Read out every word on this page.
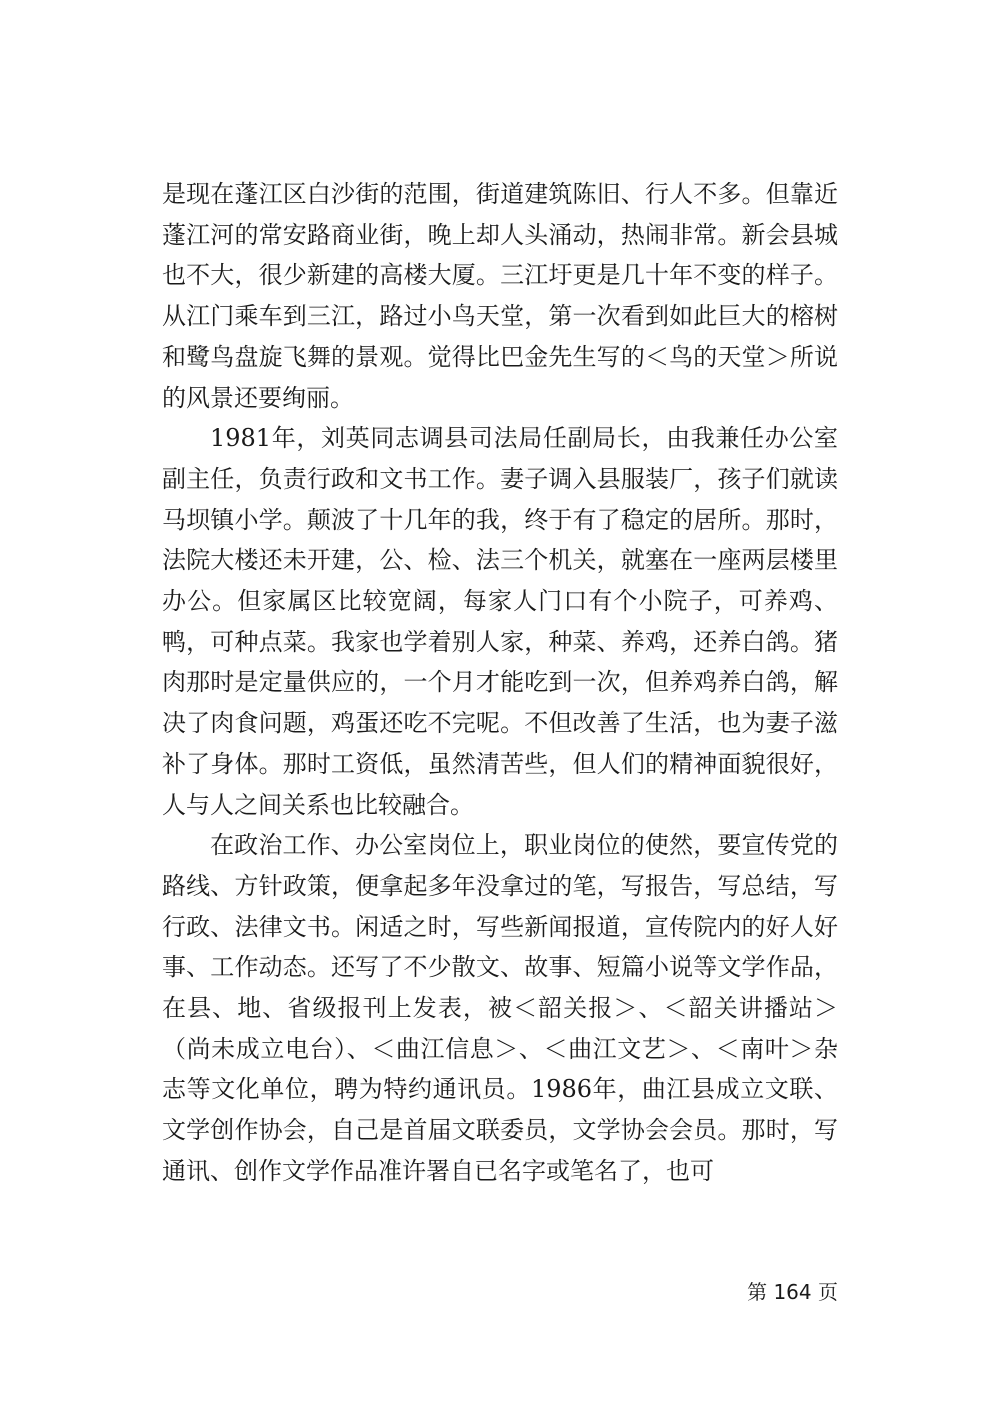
是现在蓬江区白沙街的范围，街道建筑陈旧、行人不多。但靠近蓬江河的常安路商业街，晚上却人头涌动，热闹非常。新会县城也不大，很少新建的高楼大厦。三江圩更是几十年不变的样子。从江门乘车到三江，路过小鸟天堂，第一次看到如此巨大的榕树和鹭鸟盘旋飞舞的景观。觉得比巴金先生写的＜鸟的天堂＞所说的风景还要绚丽。

1981年，刘英同志调县司法局任副局长，由我兼任办公室副主任，负责行政和文书工作。妻子调入县服装厂，孩子们就读马坝镇小学。颠波了十几年的我，终于有了稳定的居所。那时，法院大楼还未开建，公、检、法三个机关，就塞在一座两层楼里办公。但家属区比较宽阔，每家人门口有个小院子，可养鸡、鸭，可种点菜。我家也学着别人家，种菜、养鸡，还养白鸽。猪肉那时是定量供应的，一个月才能吃到一次，但养鸡养白鸽，解决了肉食问题，鸡蛋还吃不完呢。不但改善了生活，也为妻子滋补了身体。那时工资低，虽然清苦些，但人们的精神面貌很好，人与人之间关系也比较融合。

在政治工作、办公室岗位上，职业岗位的使然，要宣传党的路线、方针政策，便拿起多年没拿过的笔，写报告，写总结，写行政、法律文书。闲适之时，写些新闻报道，宣传院内的好人好事、工作动态。还写了不少散文、故事、短篇小说等文学作品，在县、地、省级报刊上发表，被＜韶关报＞、＜韶关讲播站＞（尚未成立电台）、＜曲江信息＞、＜曲江文艺＞、＜南叶＞杂志等文化单位，聘为特约通讯员。1986年，曲江县成立文联、文学创作协会，自己是首届文联委员，文学协会会员。那时，写通讯、创作文学作品准许署自已名字或笔名了，也可

第 164 页
